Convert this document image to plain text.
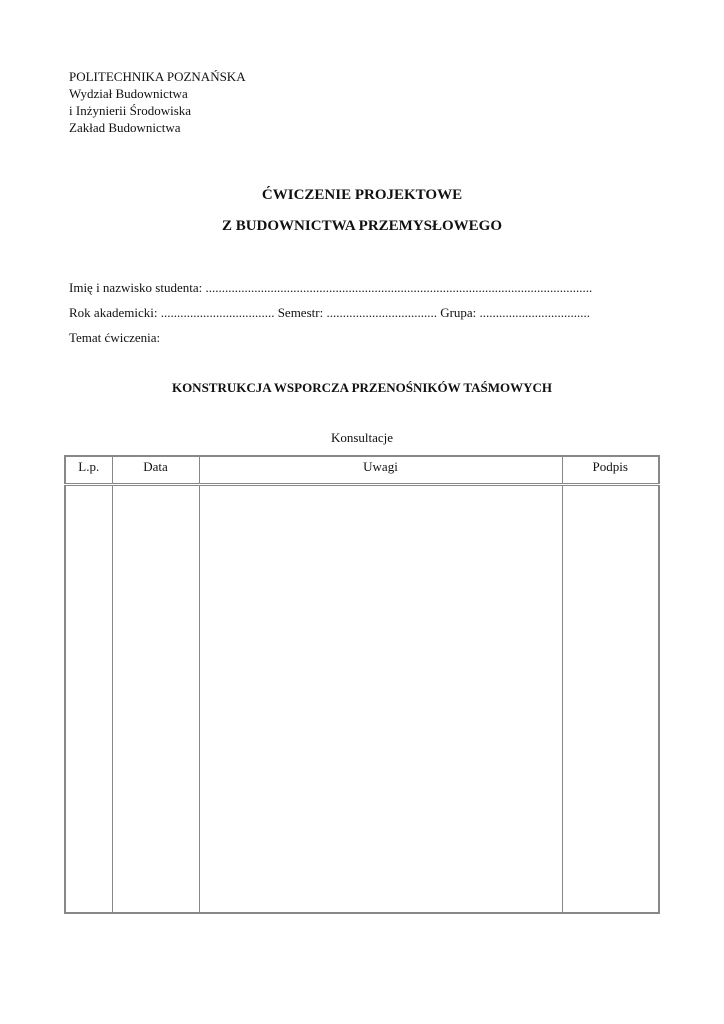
POLITECHNIKA POZNAŃSKA
Wydział Budownictwa
i Inżynierii Środowiska
Zakład Budownictwa
ĆWICZENIE PROJEKTOWE
Z BUDOWNICTWA PRZEMYSŁOWEGO
Imię i nazwisko studenta: .......................................................................................................................
Rok akademicki: ................................... Semestr: .................................. Grupa: ..................................
Temat ćwiczenia:
KONSTRUKCJA WSPORCZA PRZENOŚNIKÓW TAŚMOWYCH
Konsultacje
L.p.	Data	Uwagi	Podpis
